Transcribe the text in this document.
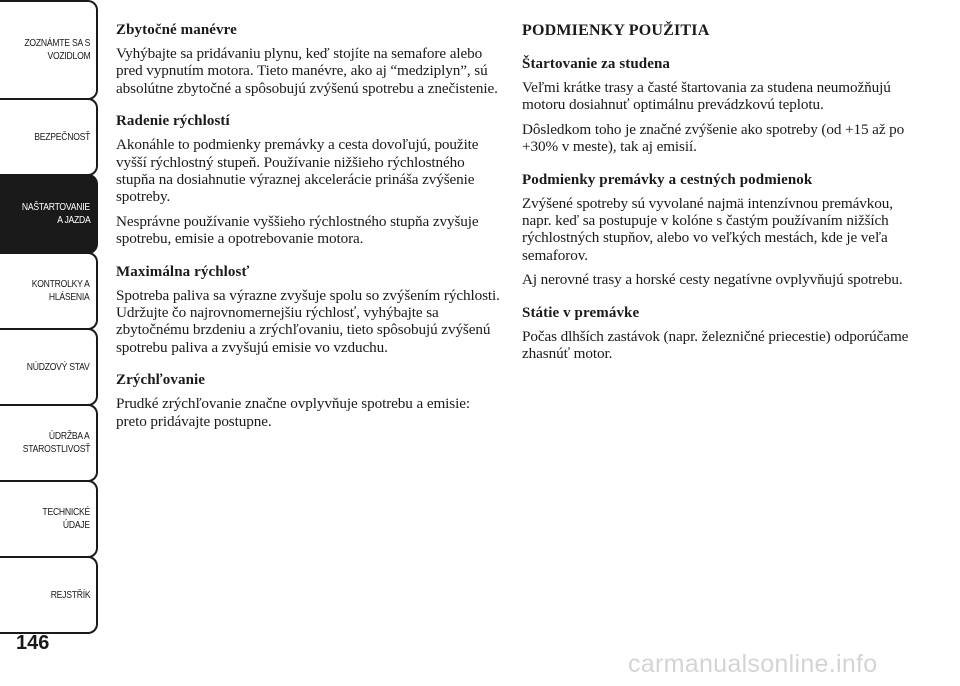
ZOZNÁMTE SA S
VOZIDLOM
BEZPEČNOSŤ
NAŠTARTOVANIE
A JAZDA
KONTROLKY A
HLÁSENIA
NÚDZOVÝ STAV
ÚDRŽBA A
STAROSTLIVOSŤ
TECHNICKÉ
ÚDAJE
REJSTŘÍK
146
Zbytočné manévre
Vyhýbajte sa pridávaniu plynu, keď stojíte na semafore alebo pred vypnutím motora. Tieto manévre, ako aj “medziplyn”, sú absolútne zbytočné a spôsobujú zvýšenú spotrebu a znečistenie.
Radenie rýchlostí
Akonáhle to podmienky premávky a cesta dovoľujú, použite vyšší rýchlostný stupeň. Používanie nižšieho rýchlostného stupňa na dosiahnutie výraznej akcelerácie prináša zvýšenie spotreby.
Nesprávne používanie vyššieho rýchlostného stupňa zvyšuje spotrebu, emisie a opotrebovanie motora.
Maximálna rýchlosť
Spotreba paliva sa výrazne zvyšuje spolu so zvýšením rýchlosti. Udržujte čo najrovnomernejšiu rýchlosť, vyhýbajte sa zbytočnému brzdeniu a zrýchľovaniu, tieto spôsobujú zvýšenú spotrebu paliva a zvyšujú emisie vo vzduchu.
Zrýchľovanie
Prudké zrýchľovanie značne ovplyvňuje spotrebu a emisie: preto pridávajte postupne.
PODMIENKY POUŽITIA
Štartovanie za studena
Veľmi krátke trasy a časté štartovania za studena neumožňujú motoru dosiahnuť optimálnu prevádzkovú teplotu.
Dôsledkom toho je značné zvýšenie ako spotreby (od +15 až po +30% v meste), tak aj emisií.
Podmienky premávky a cestných podmienok
Zvýšené spotreby sú vyvolané najmä intenzívnou premávkou, napr. keď sa postupuje v kolóne s častým používaním nižších rýchlostných stupňov, alebo vo veľkých mestách, kde je veľa semaforov.
Aj nerovné trasy a horské cesty negatívne ovplyvňujú spotrebu.
Státie v premávke
Počas dlhších zastávok (napr. železničné priecestie) odporúčame zhasnúť motor.
carmanualsonline.info
